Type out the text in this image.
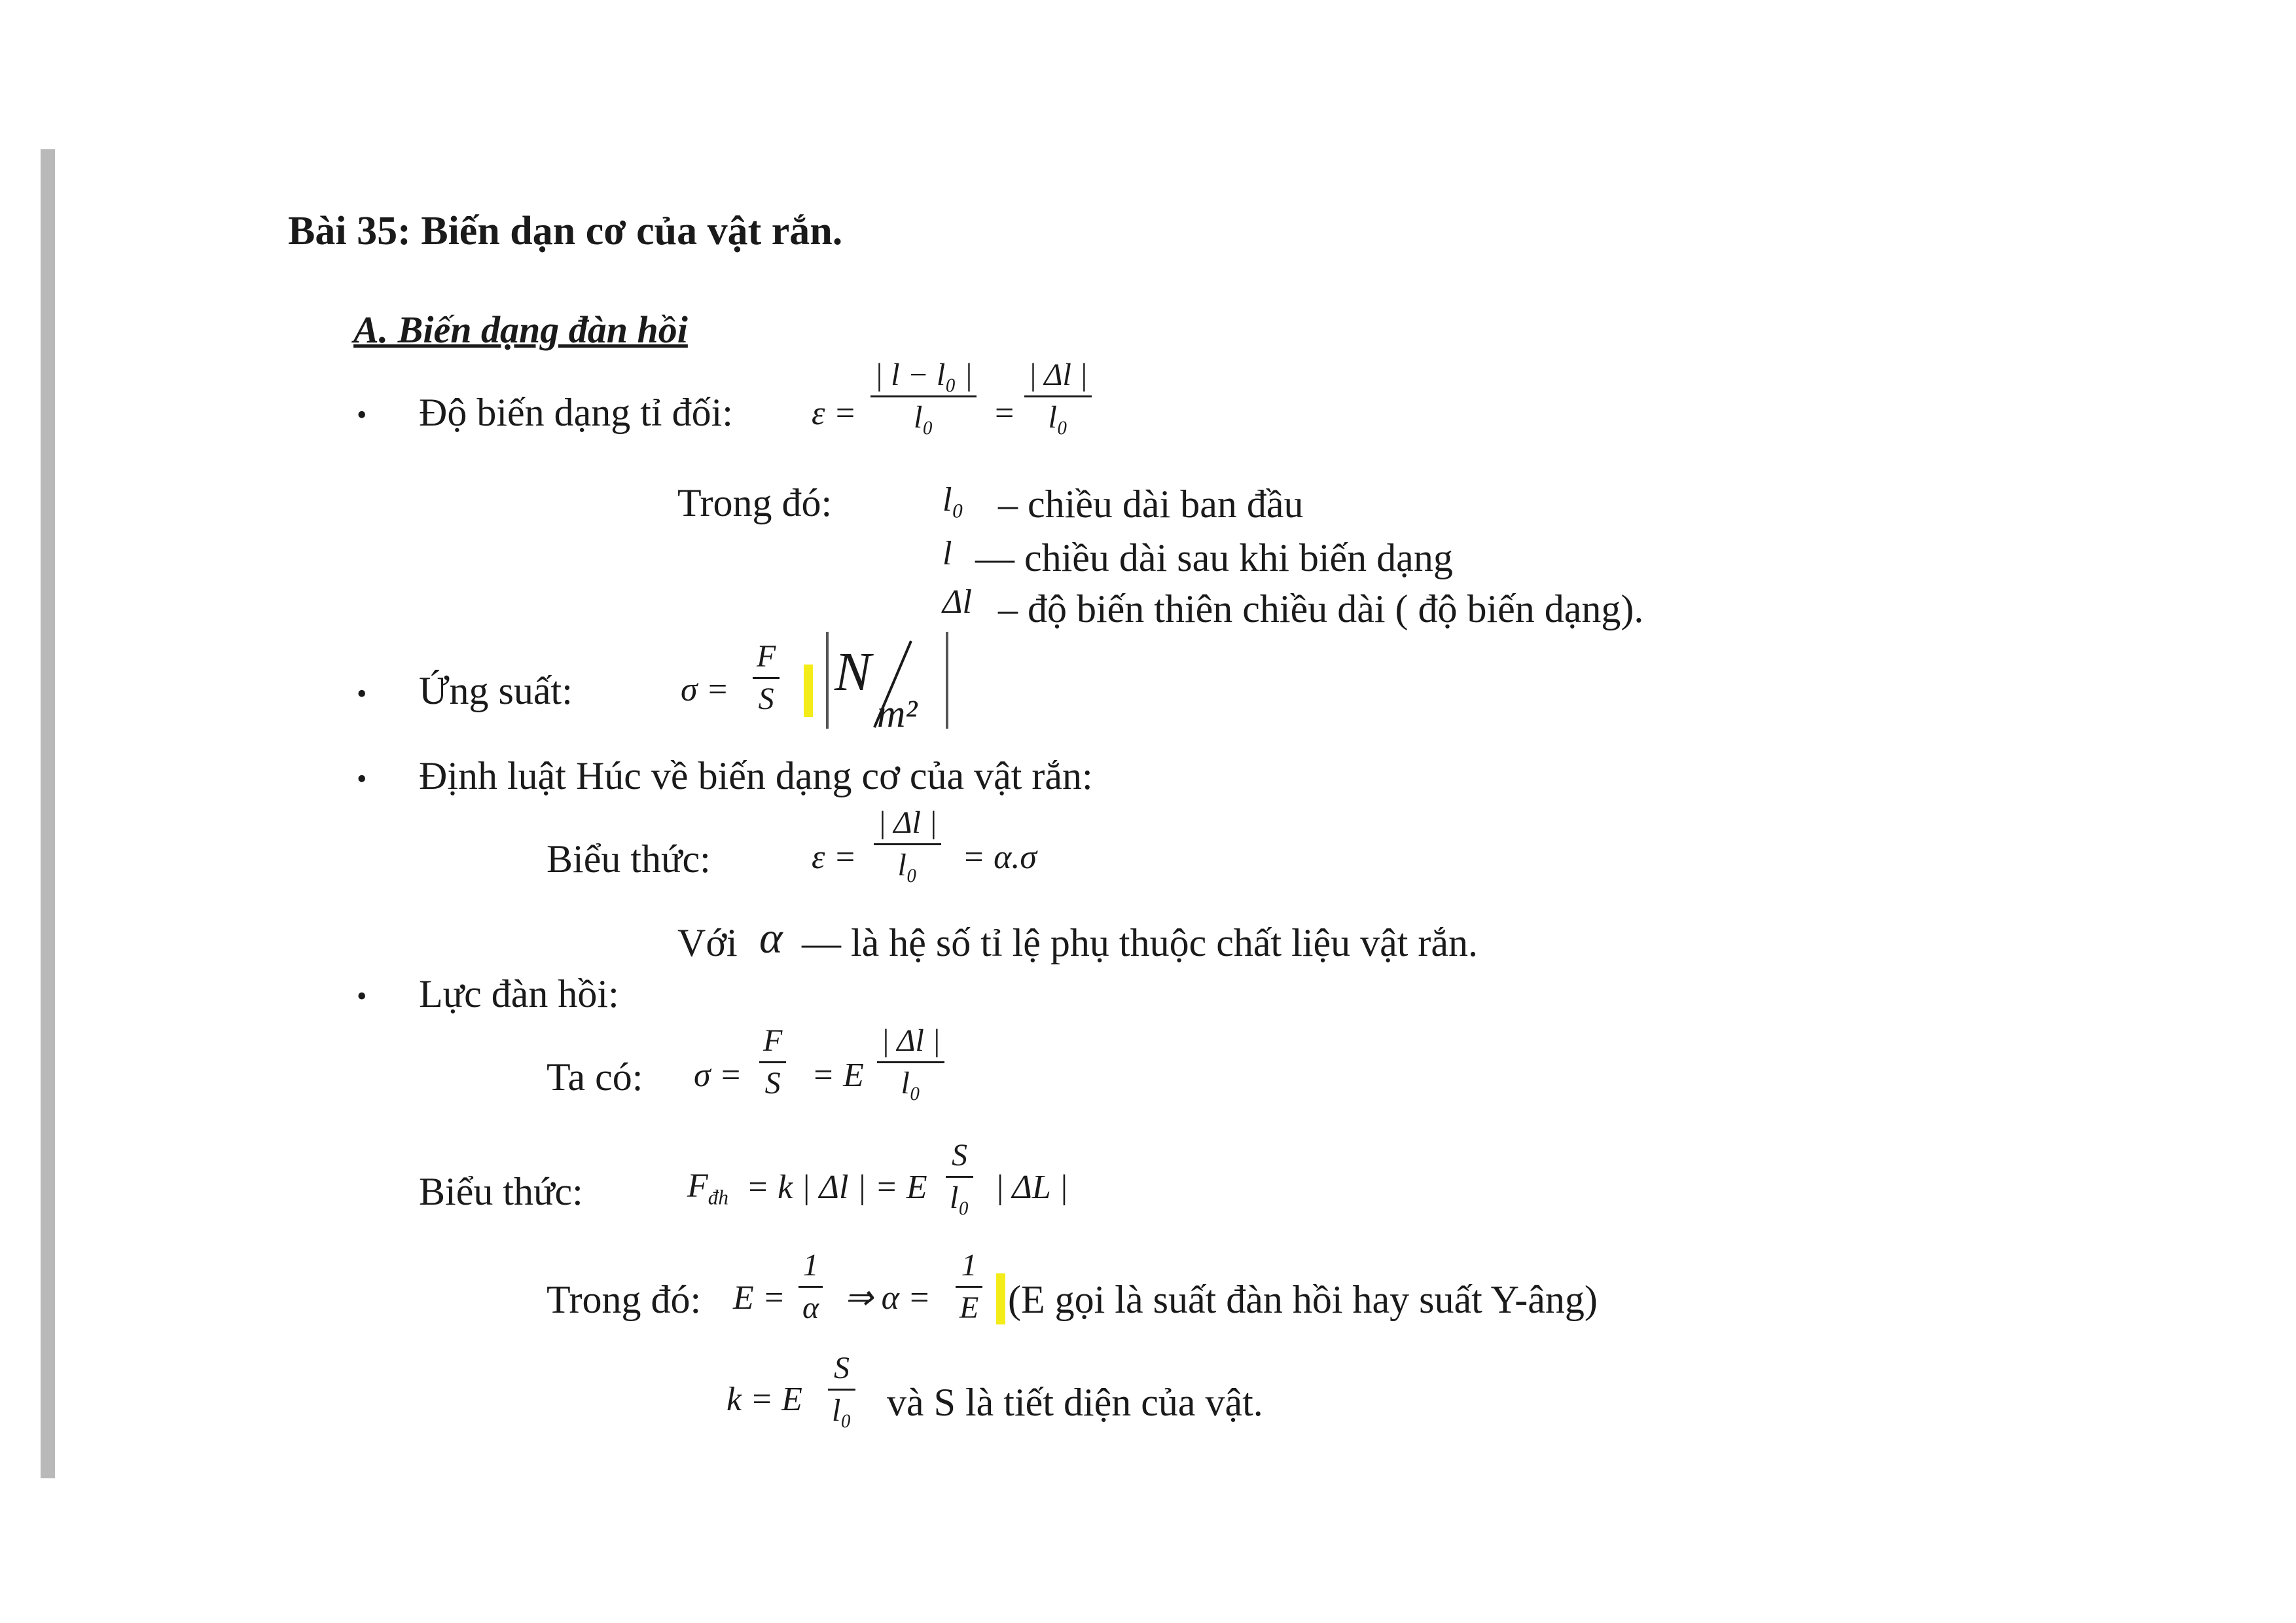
Bài 35: Biến dạn cơ của vật rắn.
A. Biến dạng đàn hồi
• Độ biến dạng tỉ đối: ε =
| l − l₀ |
l₀ =
| Δl |
l₀
Trong đó:	l₀ – chiều dài ban đầu
l — chiều dài sau khi biến dạng
Δl – độ biến thiên chiều dài ( độ biến dạng).
• Ứng suất:	σ =
F
S N
m²
• Định luật Húc về biến dạng cơ của vật rắn:
Biểu thức:	ε =
| Δl |
l₀ = α.σ
Với α — là hệ số tỉ lệ phụ thuộc chất liệu vật rắn.
• Lực đàn hồi:
Ta có: σ =
F
S = E
| Δl |
l₀
Biểu thức:	$F_{đh} = k$ | Δl | = E
S
l₀ | ΔL |
Trong đó: E =
1
α ⇒ α =
1
E (E gọi là suất đàn hồi hay suất Y-âng)
k = E
S
l₀ và S là tiết diện của vật.
